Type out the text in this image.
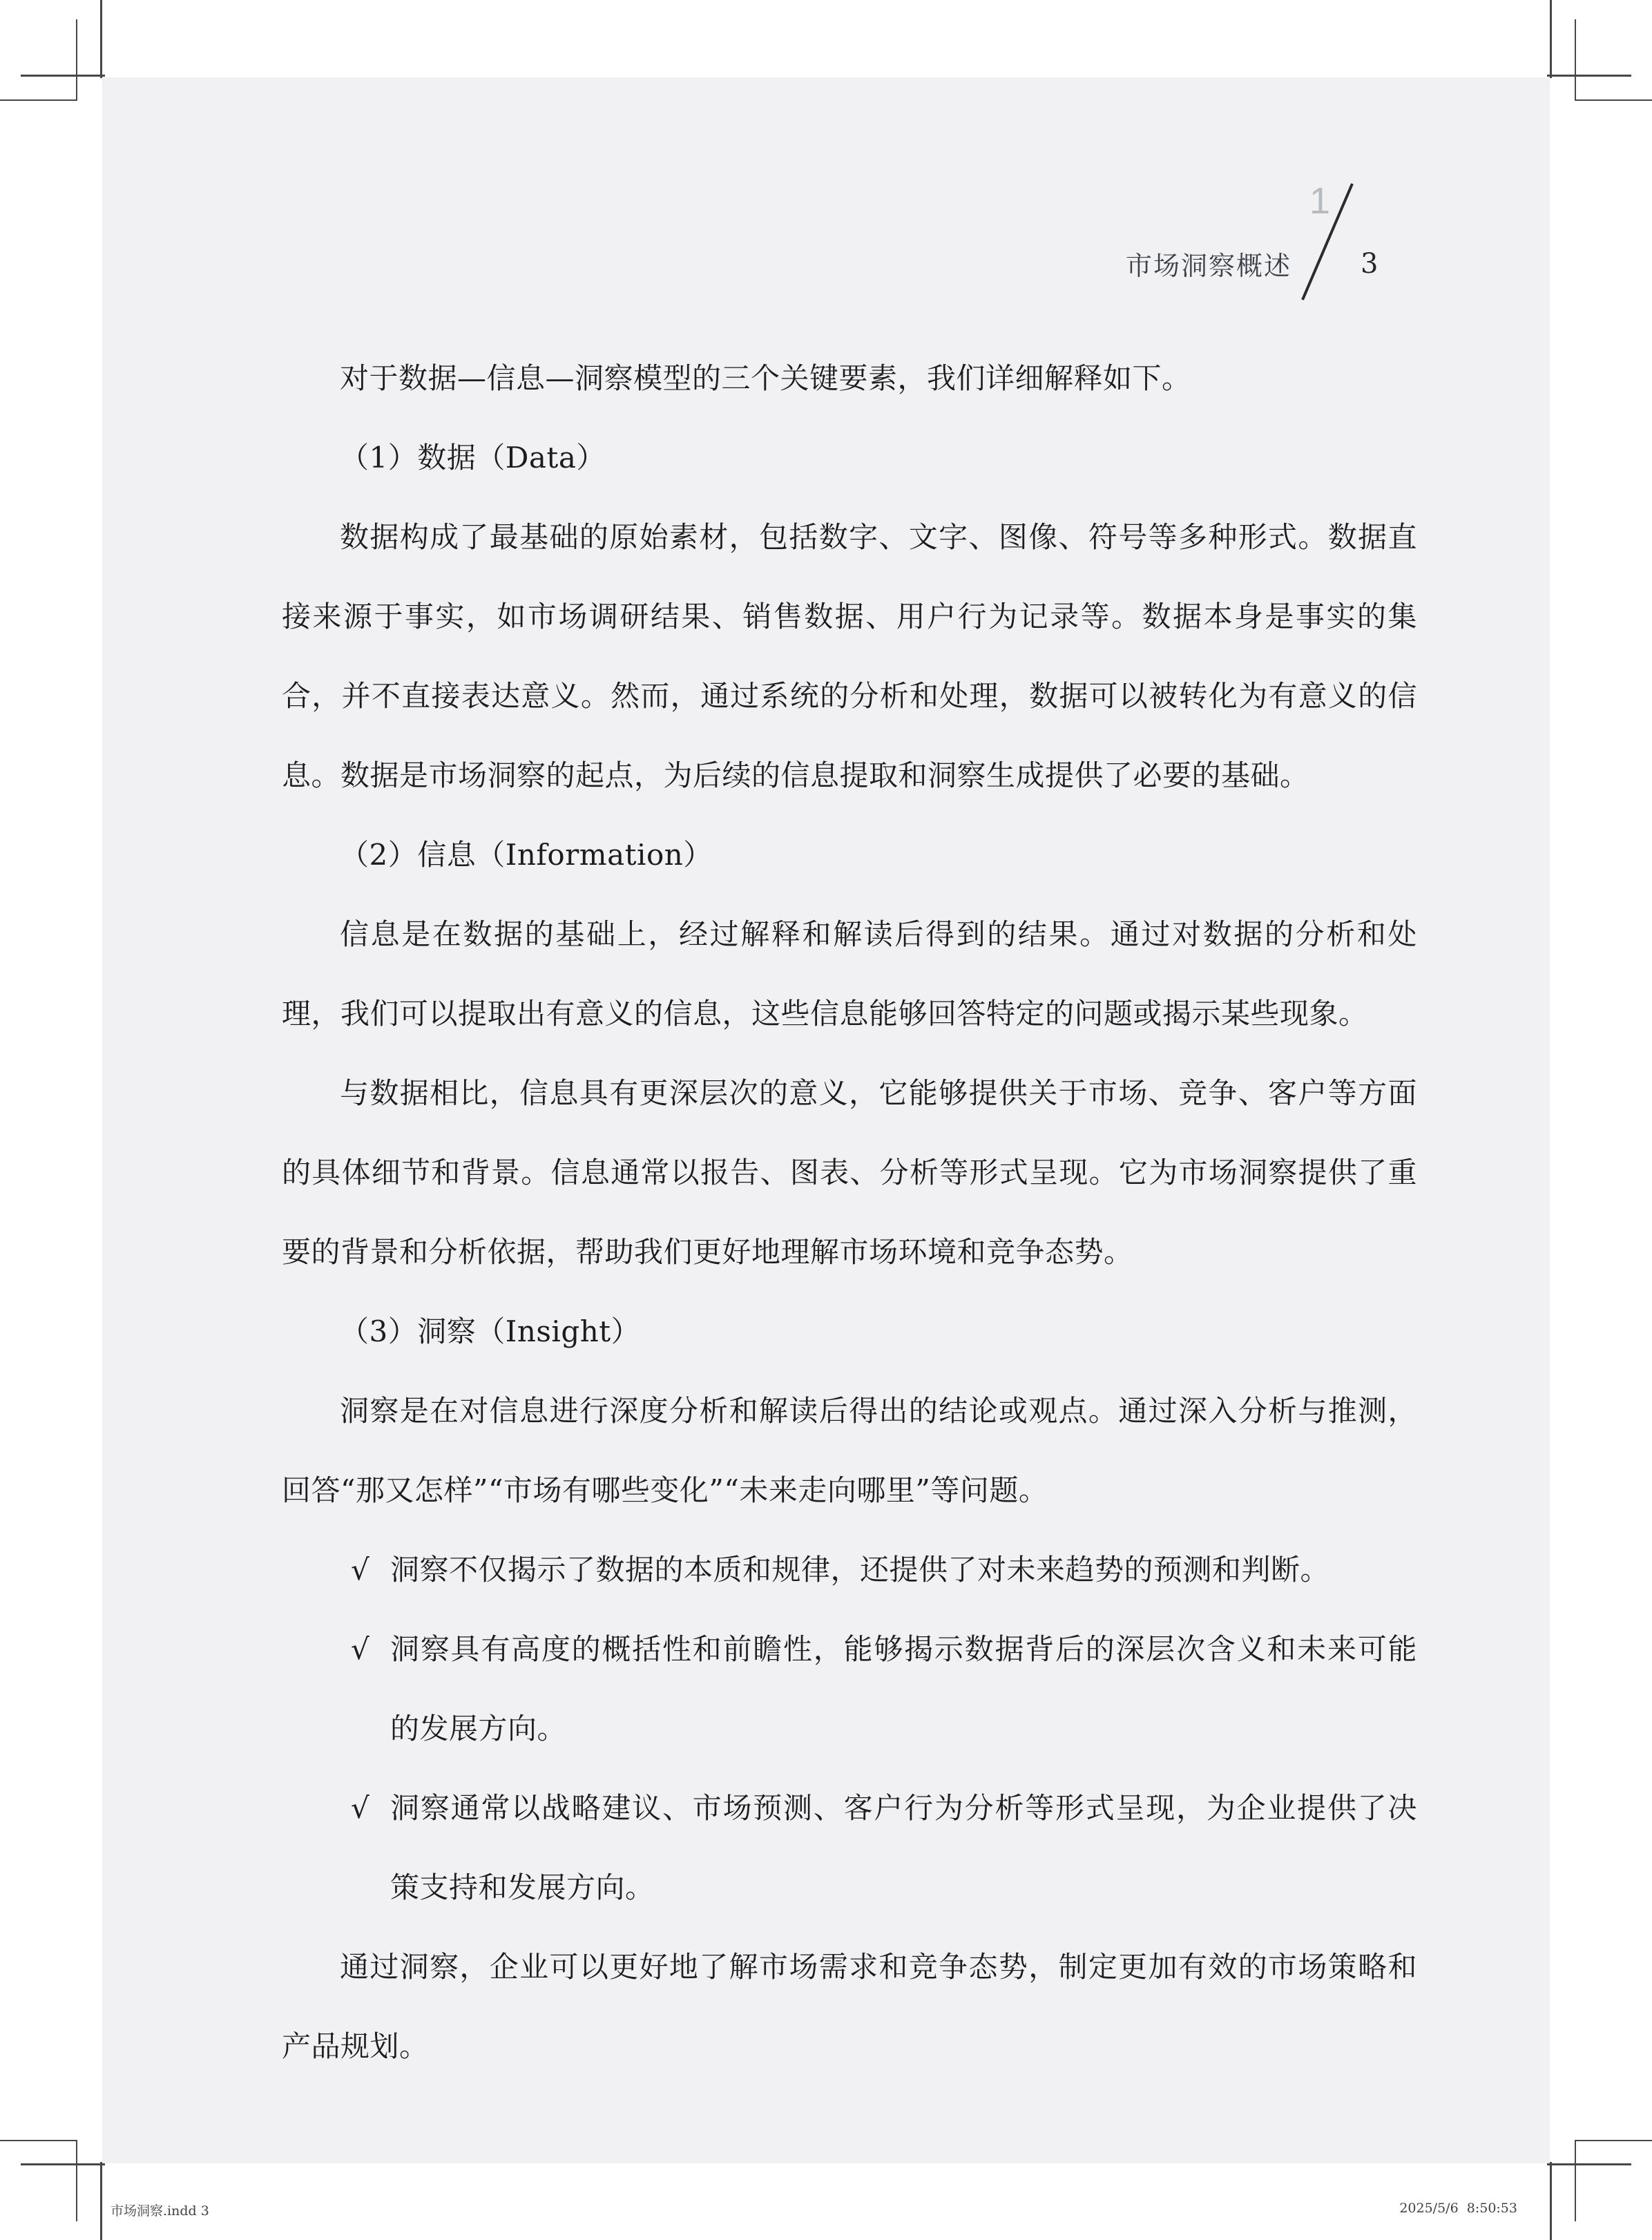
1
市场洞察概述	3

对于数据—信息—洞察模型的三个关键要素，我们详细解释如下。

（1）数据（Data）

数据构成了最基础的原始素材，包括数字、文字、图像、符号等多种形式。数据直接来源于事实，如市场调研结果、销售数据、用户行为记录等。数据本身是事实的集合，并不直接表达意义。然而，通过系统的分析和处理，数据可以被转化为有意义的信息。数据是市场洞察的起点，为后续的信息提取和洞察生成提供了必要的基础。

（2）信息（Information）

信息是在数据的基础上，经过解释和解读后得到的结果。通过对数据的分析和处理，我们可以提取出有意义的信息，这些信息能够回答特定的问题或揭示某些现象。

与数据相比，信息具有更深层次的意义，它能够提供关于市场、竞争、客户等方面的具体细节和背景。信息通常以报告、图表、分析等形式呈现。它为市场洞察提供了重要的背景和分析依据，帮助我们更好地理解市场环境和竞争态势。

（3）洞察（Insight）

洞察是在对信息进行深度分析和解读后得出的结论或观点。通过深入分析与推测，回答“那又怎样”“市场有哪些变化”“未来走向哪里”等问题。

√ 洞察不仅揭示了数据的本质和规律，还提供了对未来趋势的预测和判断。
√ 洞察具有高度的概括性和前瞻性，能够揭示数据背后的深层次含义和未来可能的发展方向。
√ 洞察通常以战略建议、市场预测、客户行为分析等形式呈现，为企业提供了决策支持和发展方向。

通过洞察，企业可以更好地了解市场需求和竞争态势，制定更加有效的市场策略和产品规划。

市场洞察.indd 3	2025/5/6  8:50:53
